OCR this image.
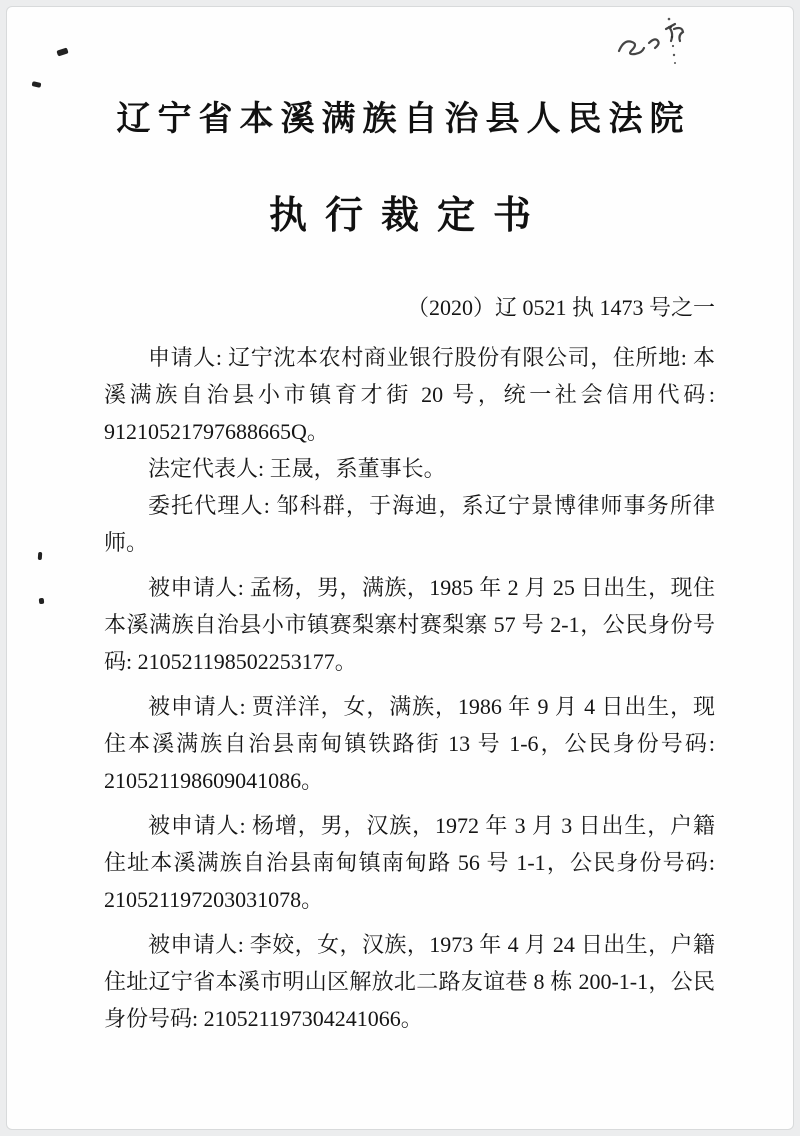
辽宁省本溪满族自治县人民法院
执行裁定书
（2020）辽 0521 执 1473 号之一

申请人: 辽宁沈本农村商业银行股份有限公司，住所地: 本溪满族自治县小市镇育才街 20 号，统一社会信用代码: 91210521797688665Q。

法定代表人: 王晟，系董事长。

委托代理人: 邹科群，于海迪，系辽宁景博律师事务所律师。

被申请人: 孟杨，男，满族，1985 年 2 月 25 日出生，现住本溪满族自治县小市镇赛梨寨村赛梨寨 57 号 2-1，公民身份号码: 210521198502253177。

被申请人: 贾洋洋，女，满族，1986 年 9 月 4 日出生，现住本溪满族自治县南甸镇铁路街 13 号 1-6，公民身份号码: 210521198609041086。

被申请人: 杨增，男，汉族，1972 年 3 月 3 日出生，户籍住址本溪满族自治县南甸镇南甸路 56 号 1-1，公民身份号码: 210521197203031078。

被申请人: 李姣，女，汉族，1973 年 4 月 24 日出生，户籍住址辽宁省本溪市明山区解放北二路友谊巷 8 栋 200-1-1，公民身份号码: 210521197304241066。
